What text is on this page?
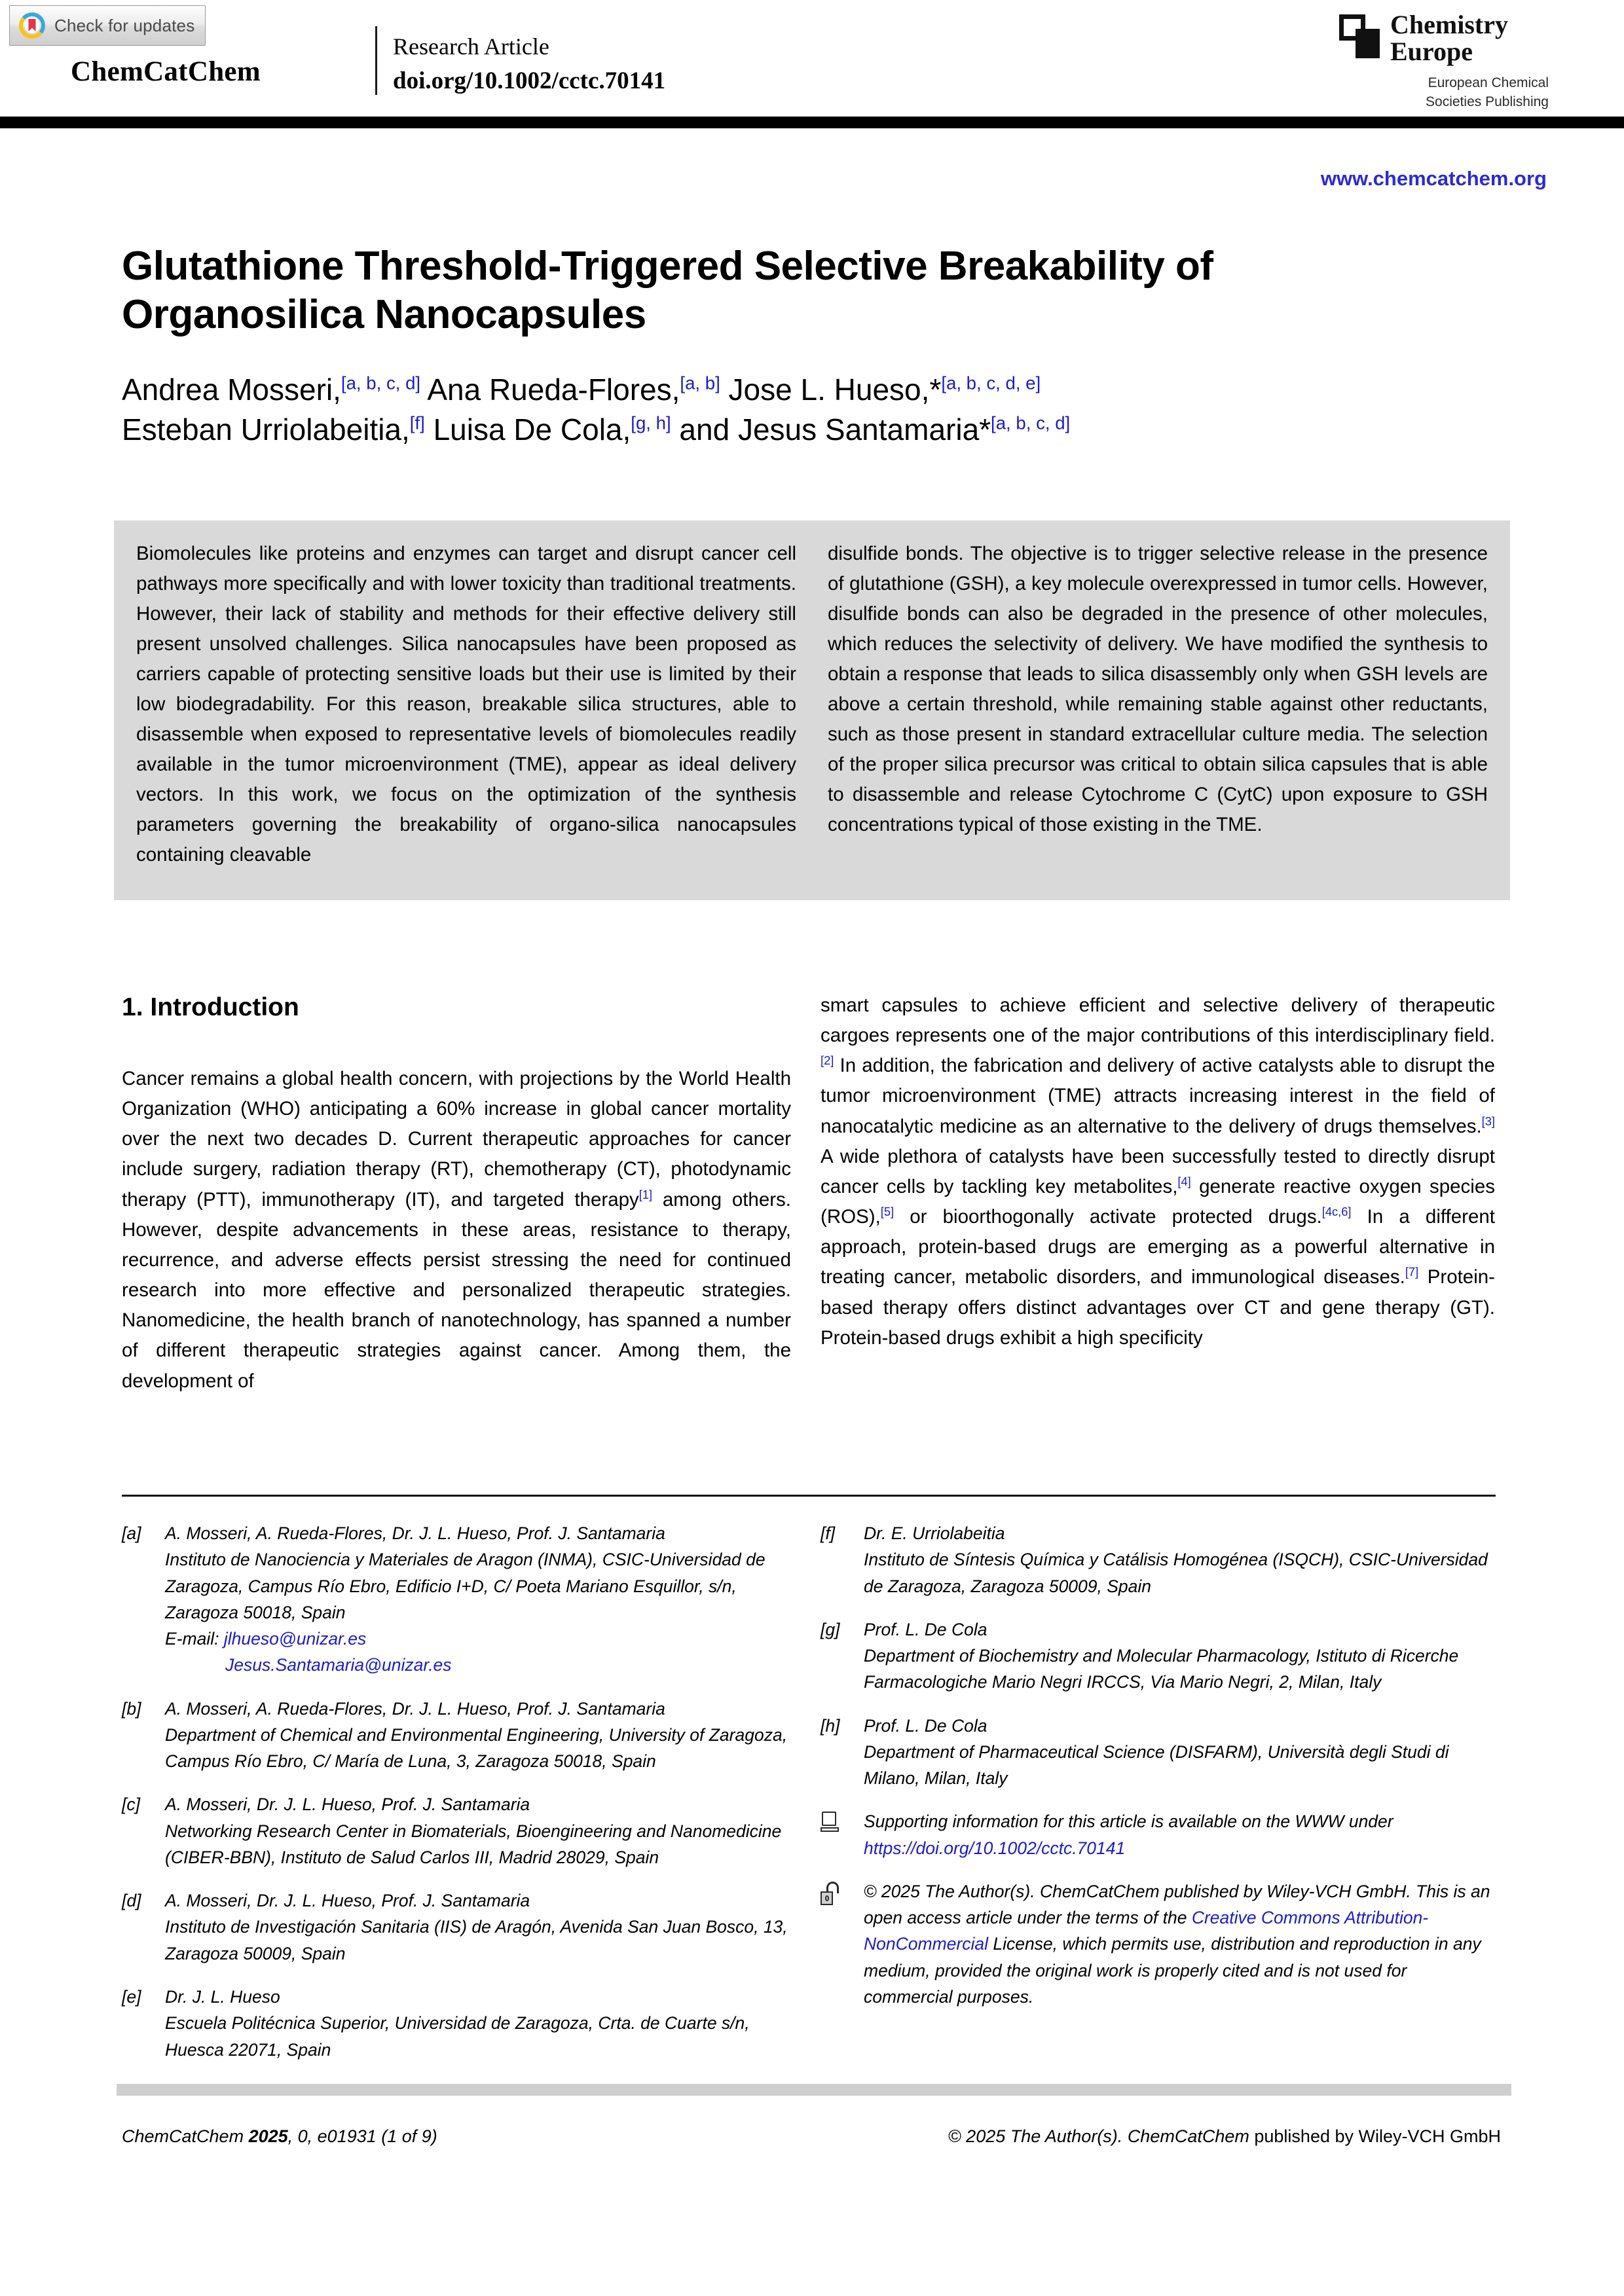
Check for updates
ChemCatChem
Research Article
doi.org/10.1002/cctc.70141
Chemistry
Europe
European Chemical
Societies Publishing
www.chemcatchem.org
Glutathione Threshold-Triggered Selective Breakability of Organosilica Nanocapsules
Andrea Mosseri,[a, b, c, d] Ana Rueda-Flores,[a, b] Jose L. Hueso,*[a, b, c, d, e]
Esteban Urriolabeitia,[f] Luisa De Cola,[g, h] and Jesus Santamaria*[a, b, c, d]
Biomolecules like proteins and enzymes can target and disrupt cancer cell pathways more specifically and with lower toxicity than traditional treatments. However, their lack of stability and methods for their effective delivery still present unsolved challenges. Silica nanocapsules have been proposed as carriers capable of protecting sensitive loads but their use is limited by their low biodegradability. For this reason, breakable silica structures, able to disassemble when exposed to representative levels of biomolecules readily available in the tumor microenvironment (TME), appear as ideal delivery vectors. In this work, we focus on the optimization of the synthesis parameters governing the breakability of organo-silica nanocapsules containing cleavable
disulfide bonds. The objective is to trigger selective release in the presence of glutathione (GSH), a key molecule overexpressed in tumor cells. However, disulfide bonds can also be degraded in the presence of other molecules, which reduces the selectivity of delivery. We have modified the synthesis to obtain a response that leads to silica disassembly only when GSH levels are above a certain threshold, while remaining stable against other reductants, such as those present in standard extracellular culture media. The selection of the proper silica precursor was critical to obtain silica capsules that is able to disassemble and release Cytochrome C (CytC) upon exposure to GSH concentrations typical of those existing in the TME.
1. Introduction
Cancer remains a global health concern, with projections by the World Health Organization (WHO) anticipating a 60% increase in global cancer mortality over the next two decades D. Current therapeutic approaches for cancer include surgery, radiation therapy (RT), chemotherapy (CT), photodynamic therapy (PTT), immunotherapy (IT), and targeted therapy[1] among others. However, despite advancements in these areas, resistance to therapy, recurrence, and adverse effects persist stressing the need for continued research into more effective and personalized therapeutic strategies. Nanomedicine, the health branch of nanotechnology, has spanned a number of different therapeutic strategies against cancer. Among them, the development of
smart capsules to achieve efficient and selective delivery of therapeutic cargoes represents one of the major contributions of this interdisciplinary field.[2] In addition, the fabrication and delivery of active catalysts able to disrupt the tumor microenvironment (TME) attracts increasing interest in the field of nanocatalytic medicine as an alternative to the delivery of drugs themselves.[3] A wide plethora of catalysts have been successfully tested to directly disrupt cancer cells by tackling key metabolites,[4] generate reactive oxygen species (ROS),[5] or bioorthogonally activate protected drugs.[4c,6] In a different approach, protein-based drugs are emerging as a powerful alternative in treating cancer, metabolic disorders, and immunological diseases.[7] Protein-based therapy offers distinct advantages over CT and gene therapy (GT). Protein-based drugs exhibit a high specificity
[a]	A. Mosseri, A. Rueda-Flores, Dr. J. L. Hueso, Prof. J. Santamaria
Instituto de Nanociencia y Materiales de Aragon (INMA), CSIC-Universidad de Zaragoza, Campus Río Ebro, Edificio I+D, C/ Poeta Mariano Esquillor, s/n, Zaragoza 50018, Spain
E-mail: jlhueso@unizar.es
Jesus.Santamaria@unizar.es
[b]	A. Mosseri, A. Rueda-Flores, Dr. J. L. Hueso, Prof. J. Santamaria
Department of Chemical and Environmental Engineering, University of Zaragoza, Campus Río Ebro, C/ María de Luna, 3, Zaragoza 50018, Spain
[c]	A. Mosseri, Dr. J. L. Hueso, Prof. J. Santamaria
Networking Research Center in Biomaterials, Bioengineering and Nanomedicine (CIBER-BBN), Instituto de Salud Carlos III, Madrid 28029, Spain
[d]	A. Mosseri, Dr. J. L. Hueso, Prof. J. Santamaria
Instituto de Investigación Sanitaria (IIS) de Aragón, Avenida San Juan Bosco, 13, Zaragoza 50009, Spain
[e]	Dr. J. L. Hueso
Escuela Politécnica Superior, Universidad de Zaragoza, Crta. de Cuarte s/n, Huesca 22071, Spain
[f]	Dr. E. Urriolabeitia
Instituto de Síntesis Química y Catálisis Homogénea (ISQCH), CSIC-Universidad de Zaragoza, Zaragoza 50009, Spain
[g]	Prof. L. De Cola
Department of Biochemistry and Molecular Pharmacology, Istituto di Ricerche Farmacologiche Mario Negri IRCCS, Via Mario Negri, 2, Milan, Italy
[h]	Prof. L. De Cola
Department of Pharmaceutical Science (DISFARM), Università degli Studi di Milano, Milan, Italy
Supporting information for this article is available on the WWW under https://doi.org/10.1002/cctc.70141
© 2025 The Author(s). ChemCatChem published by Wiley-VCH GmbH. This is an open access article under the terms of the Creative Commons Attribution-NonCommercial License, which permits use, distribution and reproduction in any medium, provided the original work is properly cited and is not used for commercial purposes.
ChemCatChem 2025, 0, e01931 (1 of 9)	© 2025 The Author(s). ChemCatChem published by Wiley-VCH GmbH
